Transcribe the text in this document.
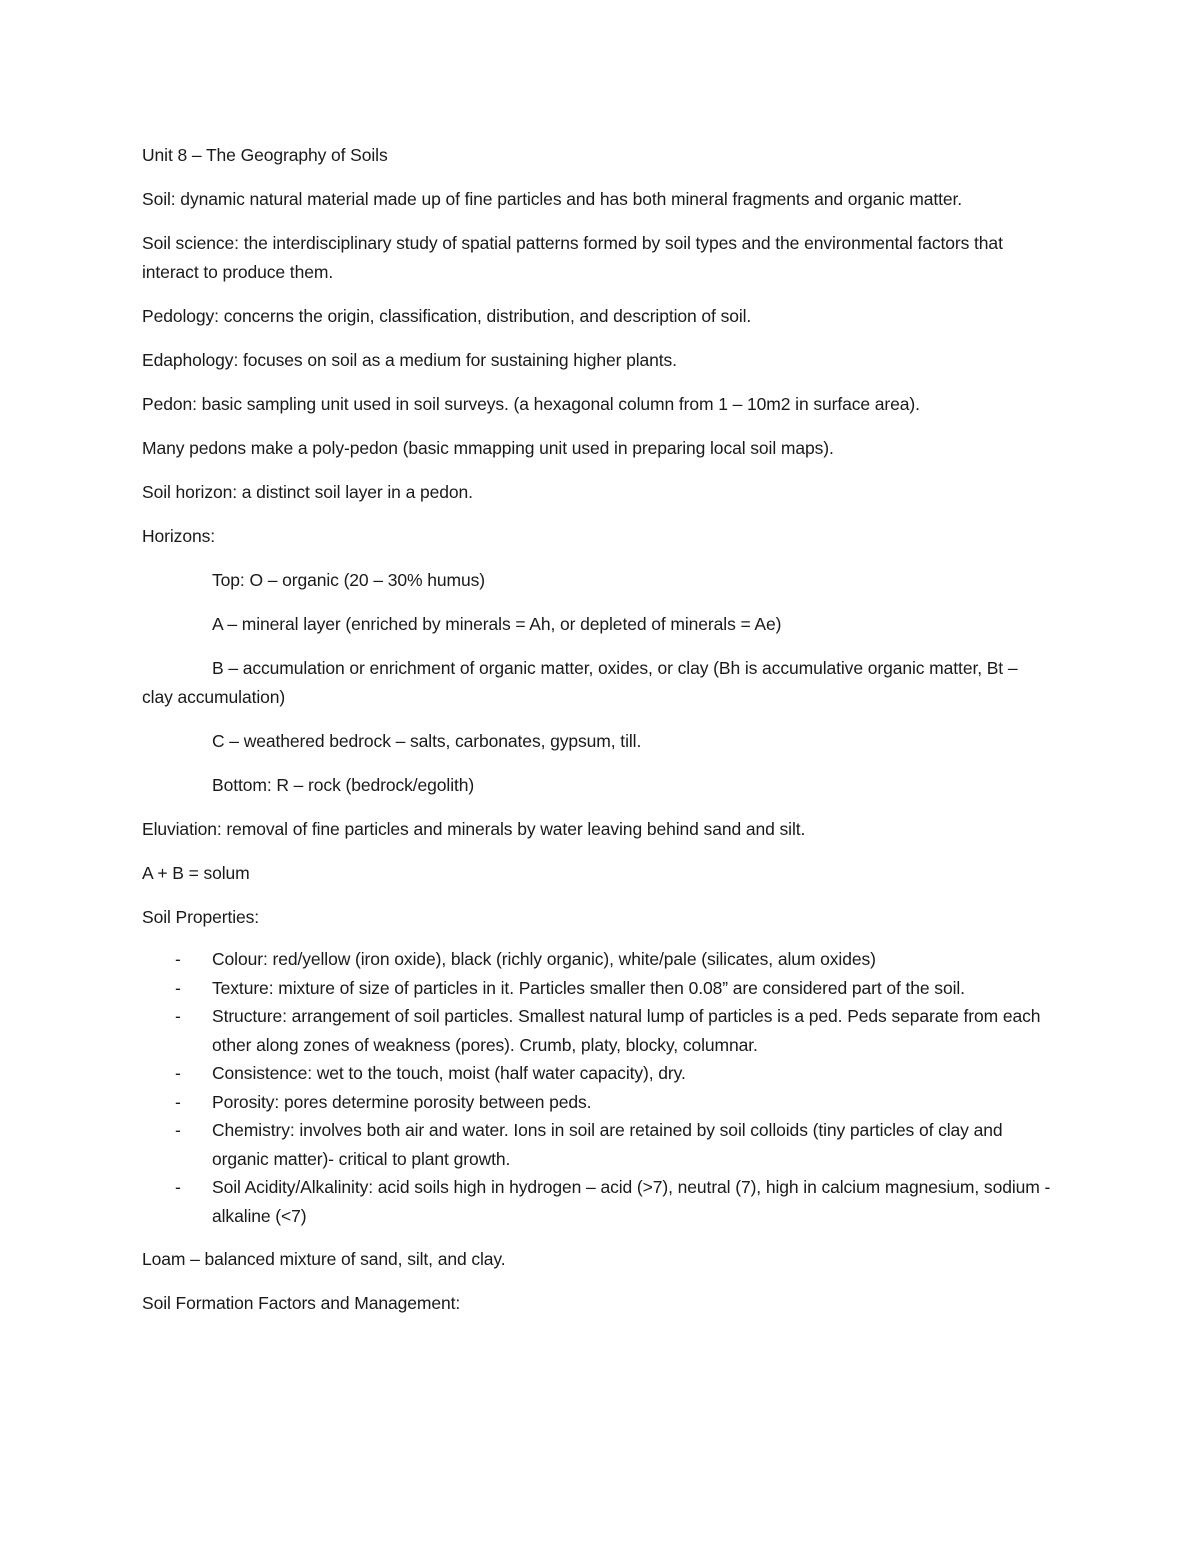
Unit 8 – The Geography of Soils

Soil: dynamic natural material made up of fine particles and has both mineral fragments and organic matter.

Soil science: the interdisciplinary study of spatial patterns formed by soil types and the environmental factors that interact to produce them.

Pedology: concerns the origin, classification, distribution, and description of soil.

Edaphology: focuses on soil as a medium for sustaining higher plants.

Pedon: basic sampling unit used in soil surveys. (a hexagonal column from 1 – 10m2 in surface area).

Many pedons make a poly-pedon (basic mmapping unit used in preparing local soil maps).

Soil horizon: a distinct soil layer in a pedon.

Horizons:

Top: O – organic (20 – 30% humus)

A – mineral layer (enriched by minerals = Ah, or depleted of minerals = Ae)

B – accumulation or enrichment of organic matter, oxides, or clay (Bh is accumulative organic matter, Bt – clay accumulation)

C – weathered bedrock – salts, carbonates, gypsum, till.

Bottom: R – rock (bedrock/egolith)

Eluviation: removal of fine particles and minerals by water leaving behind sand and silt.

A + B = solum

Soil Properties:

- Colour: red/yellow (iron oxide), black (richly organic), white/pale (silicates, alum oxides)
- Texture: mixture of size of particles in it. Particles smaller then 0.08” are considered part of the soil.
- Structure: arrangement of soil particles. Smallest natural lump of particles is a ped. Peds separate from each other along zones of weakness (pores). Crumb, platy, blocky, columnar.
- Consistence: wet to the touch, moist (half water capacity), dry.
- Porosity: pores determine porosity between peds.
- Chemistry: involves both air and water. Ions in soil are retained by soil colloids (tiny particles of clay and organic matter)- critical to plant growth.
- Soil Acidity/Alkalinity: acid soils high in hydrogen – acid (>7), neutral (7), high in calcium magnesium, sodium - alkaline (<7)

Loam – balanced mixture of sand, silt, and clay.

Soil Formation Factors and Management:
